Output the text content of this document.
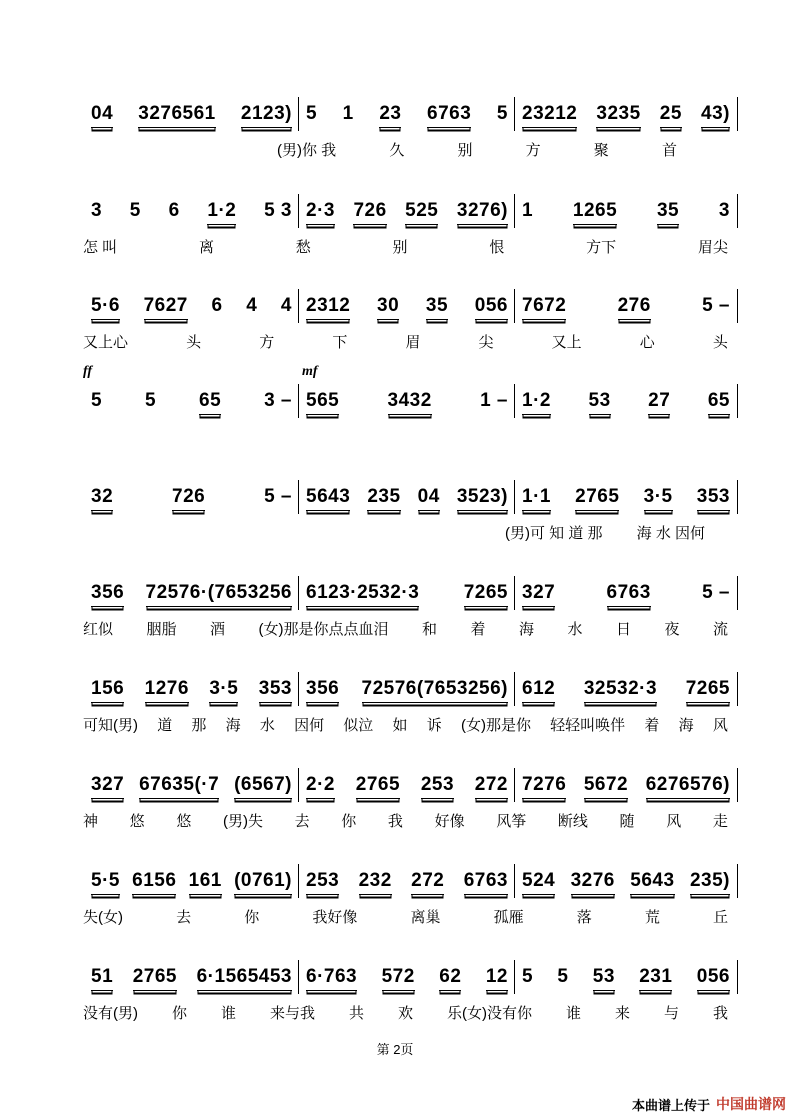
04 3276561 2123) 5 1 23 6763 5 23212 3235 25 43)
(男)你 我	久	别	方	聚	首
3 5 6 1·2 5 3 2·3 726 525 3276) 1 1265 35 3
怎 叫	离	愁	别	恨	方下	眉尖
5·6 7627 6 4 4 2312 30 35 056 7672	276	5 –
又上心	头	方	下	眉	尖	又上	心	头
5 5 65 3 – 565	3432	1 – 1·2 53 27 65
ff	mf
32	726	5 – 5643 235 04 3523) 1·1 2765 3·5 353
(男)可 知 道 那 海 水 因何
356 72576·(7653256 6123·2532·3 7265 327	6763	5 –
红似 胭脂 酒 (女)那是你点点血泪 和 着 海 水 日 夜 流
156 1276 3·5 353 356 72576(7653256) 612 32532·3 7265
可知(男) 道 那 海 水 因何 似泣 如 诉 (女)那是你 轻轻叫唤伴 着 海 风
327 67635(·7 (6567) 2·2 2765 253 272 7276 5672 6276576)
神 悠 悠 (男)失 去 你 我 好像 风筝 断线 随 风 走
5·5 6156 161 (0761) 253 232 272 6763 524 3276 5643 235)
失(女)	去	你	我好像	离巢	孤雁	落	荒	丘
51 2765 6·1565453 6·763 572 62 12 5 5 53 231 056
没有(男) 你 谁 来与我 共 欢 乐(女)没有你 谁 来 与 我
第 2页
本曲谱上传于 中国曲谱网
